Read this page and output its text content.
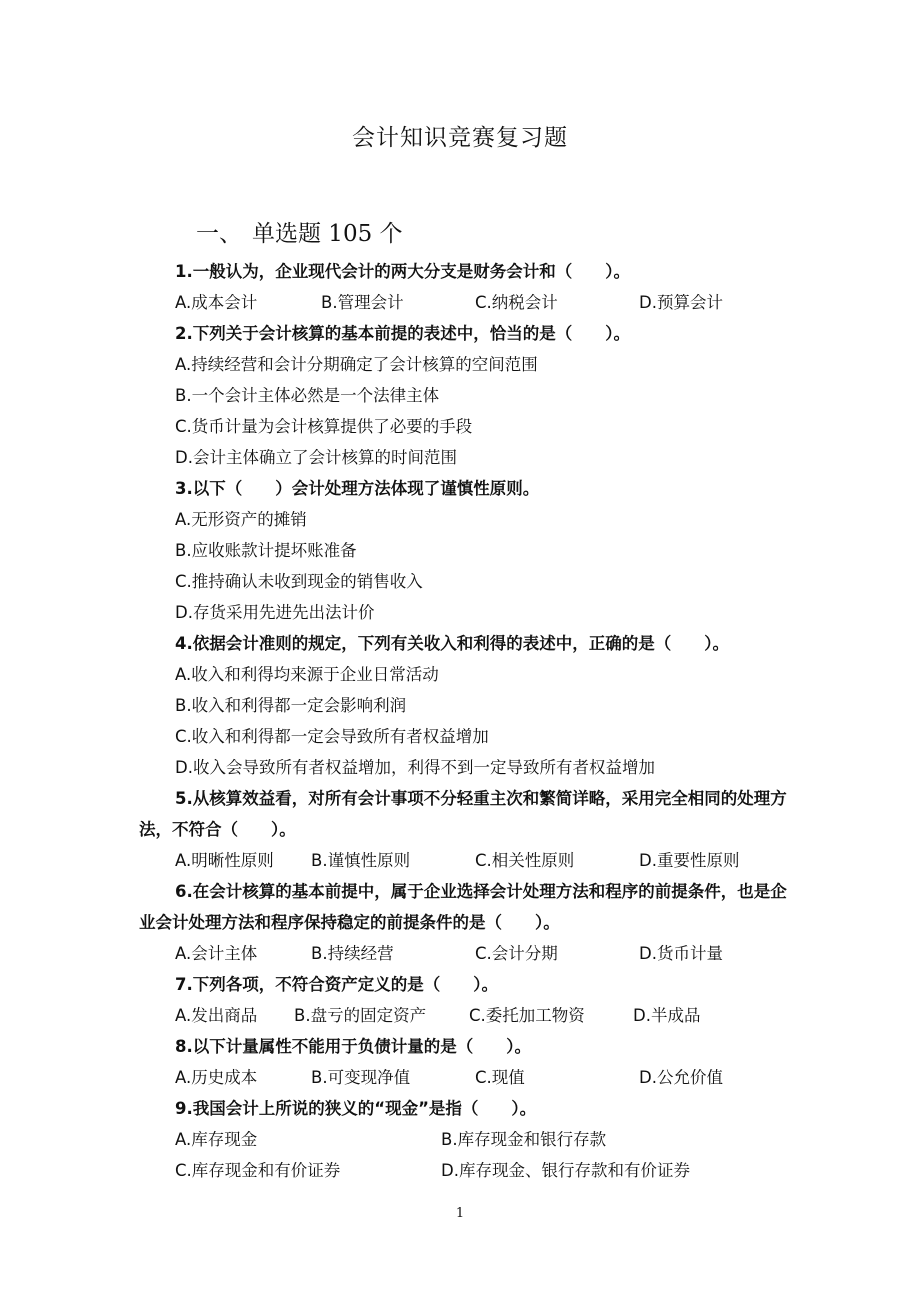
会计知识竞赛复习题
一、 单选题 105 个

1.一般认为，企业现代会计的两大分支是财务会计和（　　）。

A.成本会计	B.管理会计	C.纳税会计	D.预算会计

2.下列关于会计核算的基本前提的表述中，恰当的是（　　）。

A.持续经营和会计分期确定了会计核算的空间范围
B.一个会计主体必然是一个法律主体
C.货币计量为会计核算提供了必要的手段
D.会计主体确立了会计核算的时间范围

3.以下（　　）会计处理方法体现了谨慎性原则。

A.无形资产的摊销
B.应收账款计提坏账准备
C.推持确认未收到现金的销售收入
D.存货采用先进先出法计价

4.依据会计准则的规定，下列有关收入和利得的表述中，正确的是（　　）。

A.收入和利得均来源于企业日常活动
B.收入和利得都一定会影响利润
C.收入和利得都一定会导致所有者权益增加
D.收入会导致所有者权益增加，利得不到一定导致所有者权益增加

5.从核算效益看，对所有会计事项不分轻重主次和繁简详略，采用完全相同的处理方法，不符合（　　）。

A.明晰性原则 B.谨慎性原则	C.相关性原则	D.重要性原则

6.在会计核算的基本前提中，属于企业选择会计处理方法和程序的前提条件，也是企业会计处理方法和程序保持稳定的前提条件的是（　　）。

A.会计主体	B.持续经营	C.会计分期	D.货币计量

7.下列各项，不符合资产定义的是（　　）。

A.发出商品 B.盘亏的固定资产	C.委托加工物资	D.半成品

8.以下计量属性不能用于负债计量的是（　　）。

A.历史成本	B.可变现净值	C.现值	D.公允价值

9.我国会计上所说的狭义的“现金”是指（　　）。

A.库存现金	B.库存现金和银行存款
C.库存现金和有价证券	D.库存现金、银行存款和有价证券
1
